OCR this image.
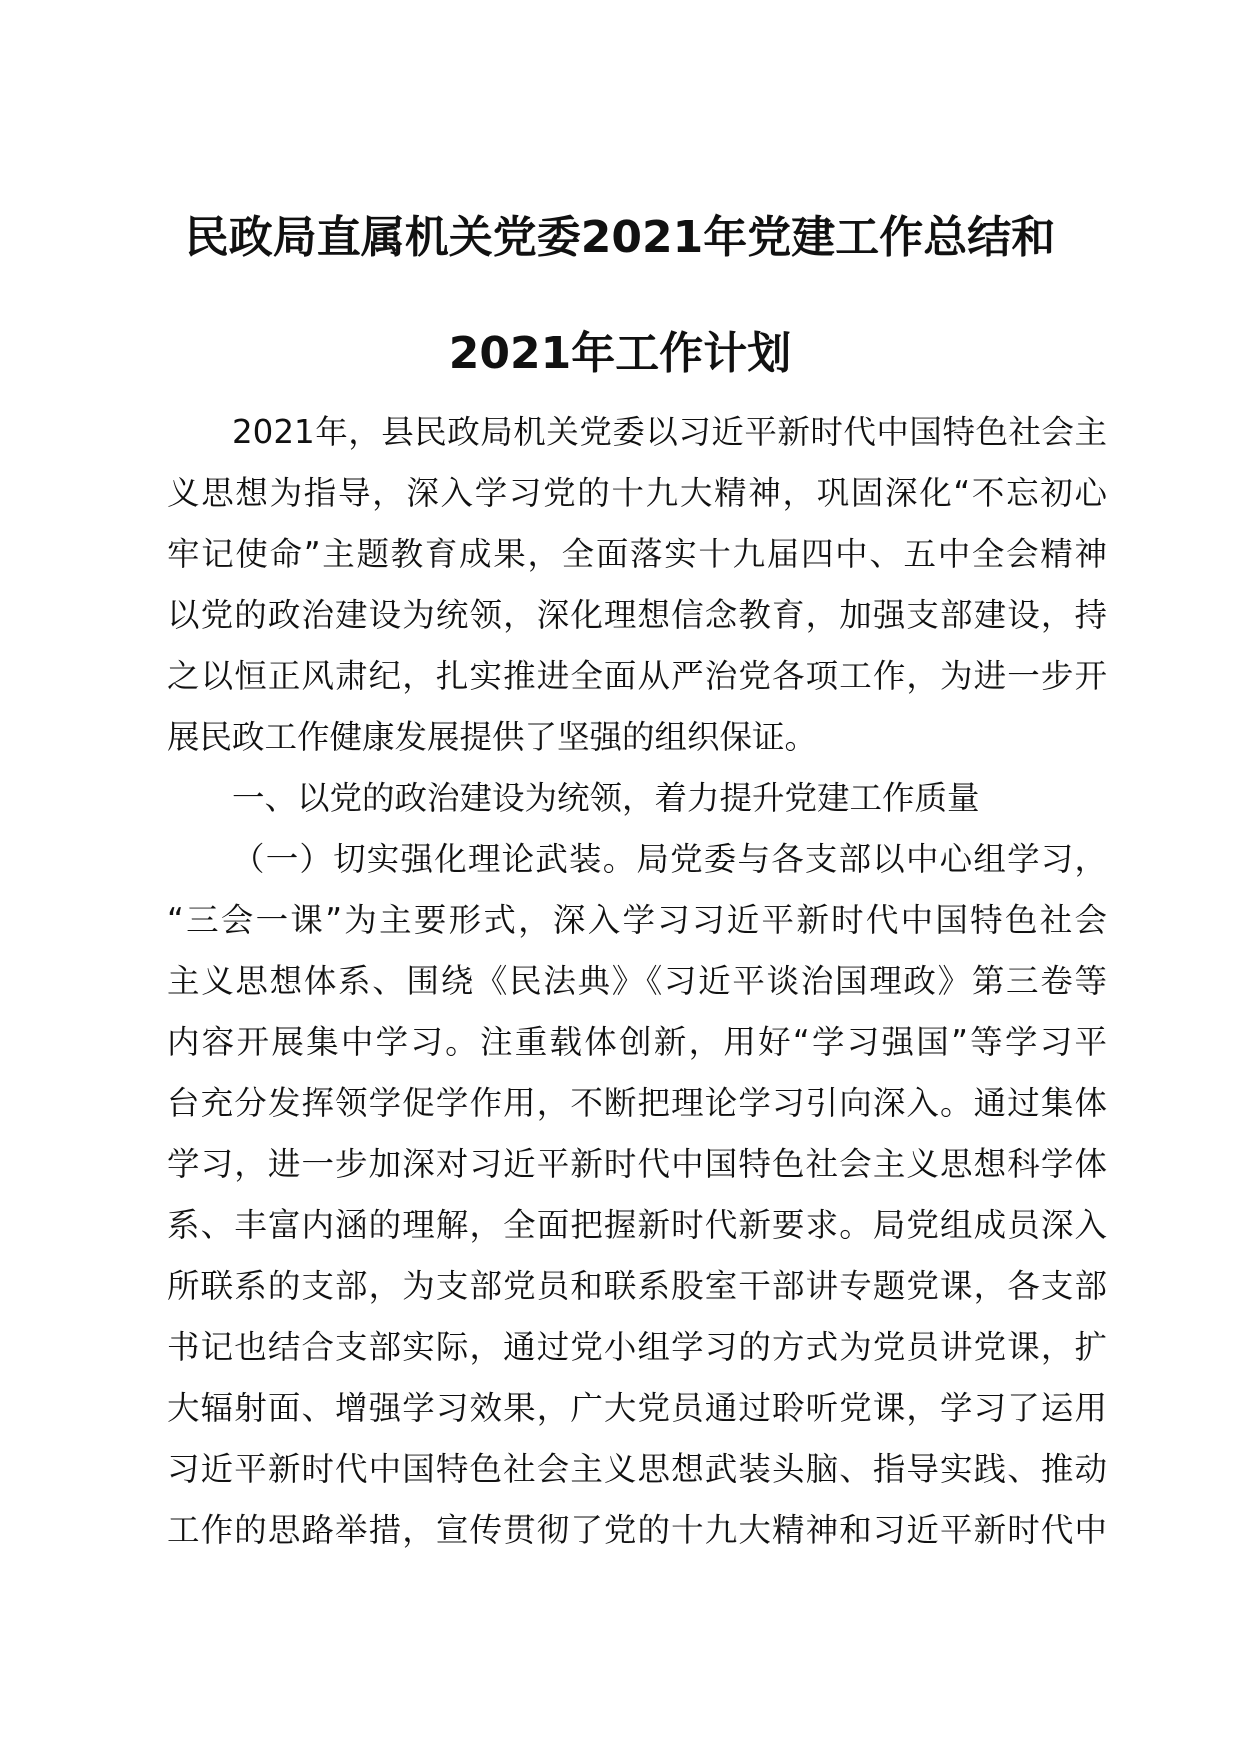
民政局直属机关党委2021年党建工作总结和
2021年工作计划
2021年，县民政局机关党委以习近平新时代中国特色社会主
义思想为指导，深入学习党的十九大精神，巩固深化“不忘初心
牢记使命”主题教育成果，全面落实十九届四中、五中全会精神
以党的政治建设为统领，深化理想信念教育，加强支部建设，持
之以恒正风肃纪，扎实推进全面从严治党各项工作，为进一步开
展民政工作健康发展提供了坚强的组织保证。
一、以党的政治建设为统领，着力提升党建工作质量
（一）切实强化理论武装。局党委与各支部以中心组学习，
“三会一课”为主要形式，深入学习习近平新时代中国特色社会
主义思想体系、围绕《民法典》《习近平谈治国理政》第三卷等
内容开展集中学习。注重载体创新，用好“学习强国”等学习平
台充分发挥领学促学作用，不断把理论学习引向深入。通过集体
学习，进一步加深对习近平新时代中国特色社会主义思想科学体
系、丰富内涵的理解，全面把握新时代新要求。局党组成员深入
所联系的支部，为支部党员和联系股室干部讲专题党课，各支部
书记也结合支部实际，通过党小组学习的方式为党员讲党课，扩
大辐射面、增强学习效果，广大党员通过聆听党课，学习了运用
习近平新时代中国特色社会主义思想武装头脑、指导实践、推动
工作的思路举措，宣传贯彻了党的十九大精神和习近平新时代中
